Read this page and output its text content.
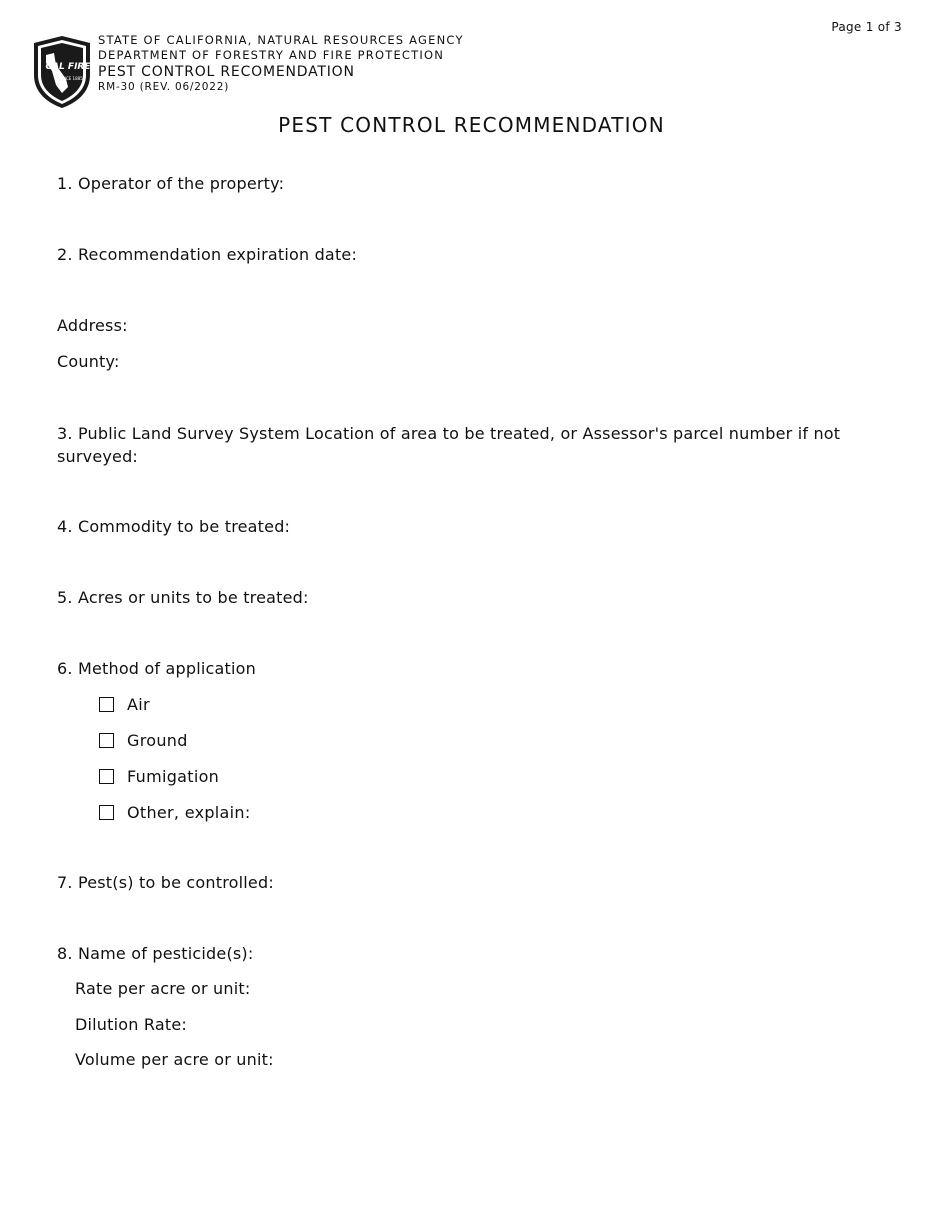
Page 1 of 3
CAL FIRE
SINCE 1885
STATE OF CALIFORNIA, NATURAL RESOURCES AGENCY
DEPARTMENT OF FORESTRY AND FIRE PROTECTION
PEST CONTROL RECOMENDATION
RM-30 (REV. 06/2022)
PEST CONTROL RECOMMENDATION
1. Operator of the property:
2. Recommendation expiration date:
Address:
County:
3. Public Land Survey System Location of area to be treated, or Assessor's parcel number if not surveyed:
4. Commodity to be treated:
5. Acres or units to be treated:
6. Method of application
Air
Ground
Fumigation
Other, explain:
7. Pest(s) to be controlled:
8. Name of pesticide(s):
Rate per acre or unit:
Dilution Rate:
Volume per acre or unit:
